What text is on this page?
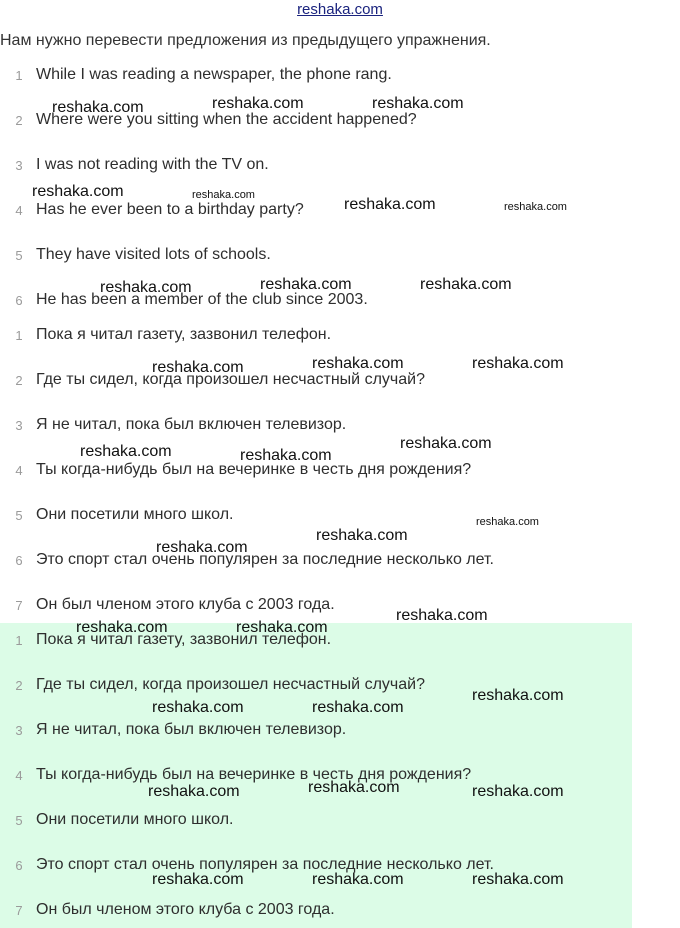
reshaka.com
Нам нужно перевести предложения из предыдущего упражнения.
1 While I was reading a newspaper, the phone rang.
2 Where were you sitting when the accident happened?
3 I was not reading with the TV on.
4 Has he ever been to a birthday party?
5 They have visited lots of schools.
6 He has been a member of the club since 2003.
1 Пока я читал газету, зазвонил телефон.
2 Где ты сидел, когда произошел несчастный случай?
3 Я не читал, пока был включен телевизор.
4 Ты когда-нибудь был на вечеринке в честь дня рождения?
5 Они посетили много школ.
6 Это спорт стал очень популярен за последние несколько лет.
7 Он был членом этого клуба с 2003 года.
1 Пока я читал газету, зазвонил телефон.
2 Где ты сидел, когда произошел несчастный случай?
3 Я не читал, пока был включен телевизор.
4 Ты когда-нибудь был на вечеринке в честь дня рождения?
5 Они посетили много школ.
6 Это спорт стал очень популярен за последние несколько лет.
7 Он был членом этого клуба с 2003 года.
reshaka.com	reshaka.com	reshaka.com
reshaka.com	reshaka.com
reshaka.com	reshaka.com
reshaka.com	reshaka.com	reshaka.com
reshaka.com	reshaka.com	reshaka.com
reshaka.com
reshaka.com	reshaka.com
reshaka.com
reshaka.com
reshaka.com
reshaka.com
reshaka.com	reshaka.com
reshaka.com
reshaka.com	reshaka.com
reshaka.com
reshaka.com	reshaka.com
reshaka.com	reshaka.com	reshaka.com
